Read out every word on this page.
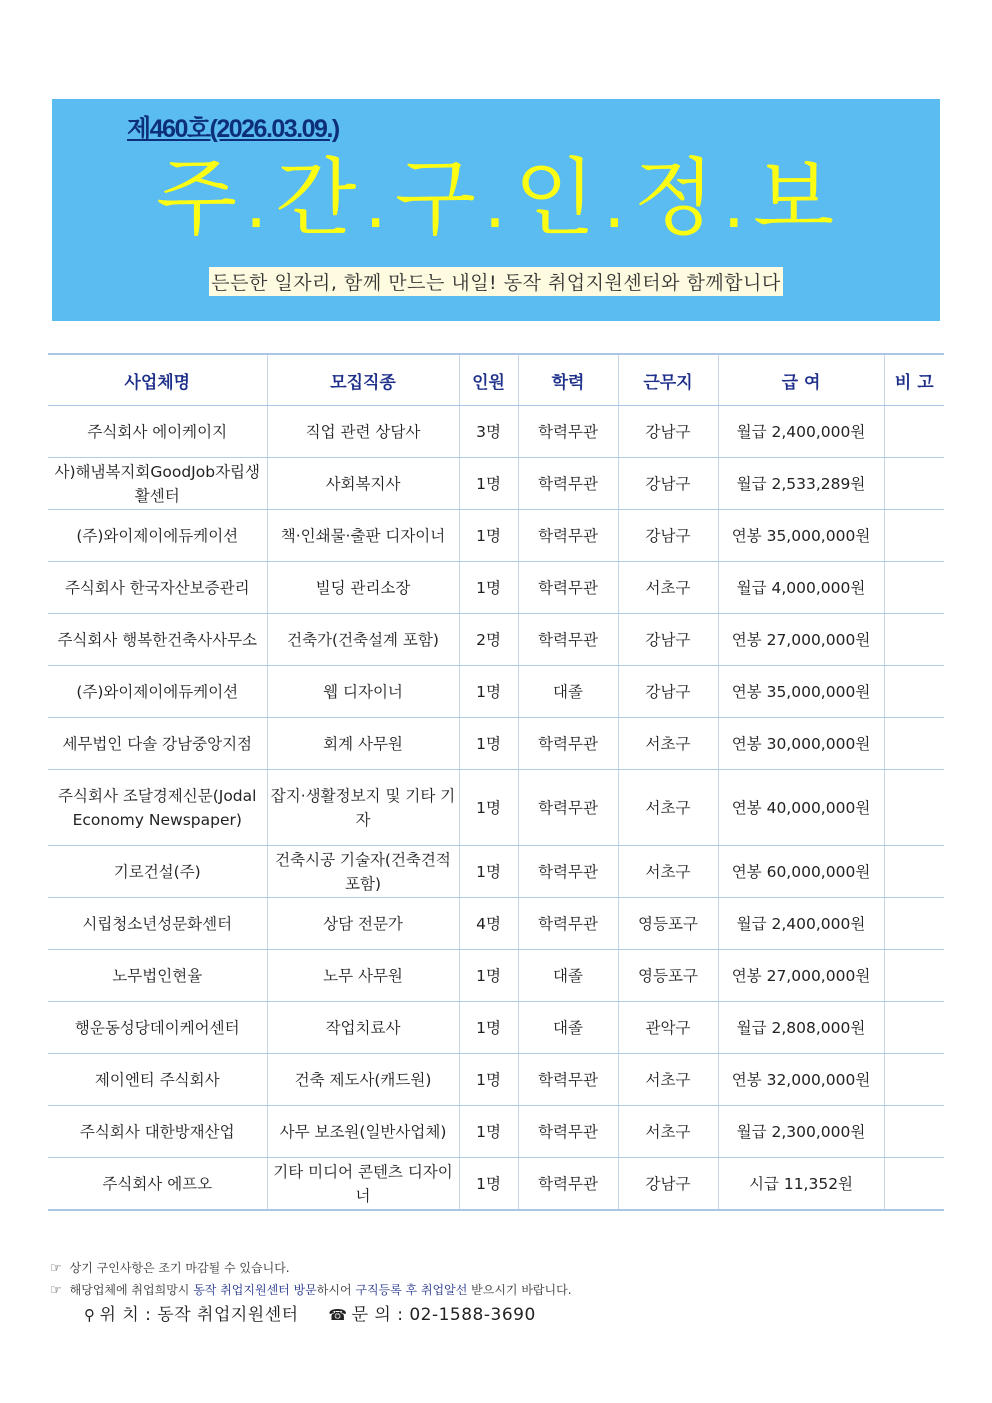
제460호(2026.03.09.)
주.간.구.인.정.보
든든한 일자리, 함께 만드는 내일! 동작 취업지원센터와 함께합니다
사업체명	모집직종	인원	학력	근무지	급 여	비 고
주식회사 에이케이지	직업 관련 상담사	3명	학력무관	강남구	월급 2,400,000원	
사)해냄복지회GoodJob자립생활센터	사회복지사	1명	학력무관	강남구	월급 2,533,289원	
(주)와이제이에듀케이션	책·인쇄물·출판 디자이너	1명	학력무관	강남구	연봉 35,000,000원	
주식회사 한국자산보증관리	빌딩 관리소장	1명	학력무관	서초구	월급 4,000,000원	
주식회사 행복한건축사사무소	건축가(건축설계 포함)	2명	학력무관	강남구	연봉 27,000,000원	
(주)와이제이에듀케이션	웹 디자이너	1명	대졸	강남구	연봉 35,000,000원	
세무법인 다솔 강남중앙지점	회계 사무원	1명	학력무관	서초구	연봉 30,000,000원	
주식회사 조달경제신문(Jodal Economy Newspaper)	잡지·생활정보지 및 기타 기자	1명	학력무관	서초구	연봉 40,000,000원	
기로건설(주)	건축시공 기술자(건축견적 포함)	1명	학력무관	서초구	연봉 60,000,000원	
시립청소년성문화센터	상담 전문가	4명	학력무관	영등포구	월급 2,400,000원	
노무법인현율	노무 사무원	1명	대졸	영등포구	연봉 27,000,000원	
행운동성당데이케어센터	작업치료사	1명	대졸	관악구	월급 2,808,000원	
제이엔티 주식회사	건축 제도사(캐드원)	1명	학력무관	서초구	연봉 32,000,000원	
주식회사 대한방재산업	사무 보조원(일반사업체)	1명	학력무관	서초구	월급 2,300,000원	
주식회사 에프오	기타 미디어 콘텐츠 디자이너	1명	학력무관	강남구	시급 11,352원	
☞ 상기 구인사항은 조기 마감될 수 있습니다.
☞ 해당업체에 취업희망시 동작 취업지원센터 방문하시어 구직등록 후 취업알선 받으시기 바랍니다.
⚲ 위 치 : 동작 취업지원센터 ☎ 문 의 : 02-1588-3690
